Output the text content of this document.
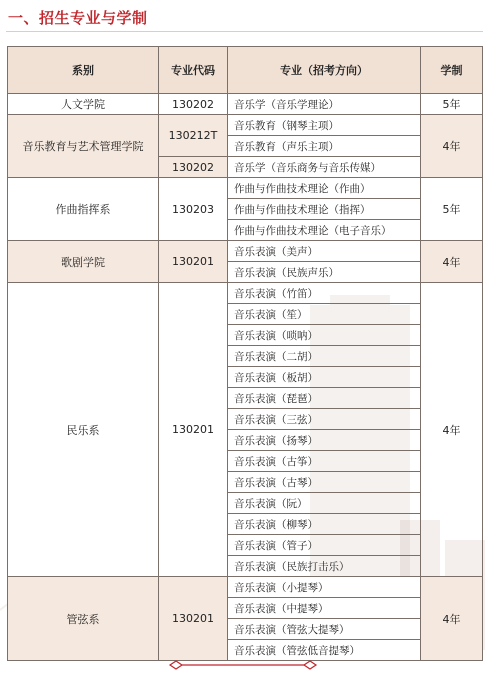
一、招生专业与学制
系别	专业代码	专业（招考方向）	学制
人文学院	130202	音乐学（音乐学理论）	5年
音乐教育与艺术管理学院	130212T	音乐教育（钢琴主项）	4年
		音乐教育（声乐主项）	
	130202	音乐学（音乐商务与音乐传媒）	
作曲指挥系	130203	作曲与作曲技术理论（作曲）	5年
		作曲与作曲技术理论（指挥）	
		作曲与作曲技术理论（电子音乐）	
歌剧学院	130201	音乐表演（美声）	4年
		音乐表演（民族声乐）	
民乐系	130201	音乐表演（竹笛）	4年
		音乐表演（笙）	
		音乐表演（唢呐）	
		音乐表演（二胡）	
		音乐表演（板胡）	
		音乐表演（琵琶）	
		音乐表演（三弦）	
		音乐表演（扬琴）	
		音乐表演（古筝）	
		音乐表演（古琴）	
		音乐表演（阮）	
		音乐表演（柳琴）	
		音乐表演（管子）	
		音乐表演（民族打击乐）	
管弦系	130201	音乐表演（小提琴）	4年
		音乐表演（中提琴）	
		音乐表演（管弦大提琴）	
		音乐表演（管弦低音提琴）	
